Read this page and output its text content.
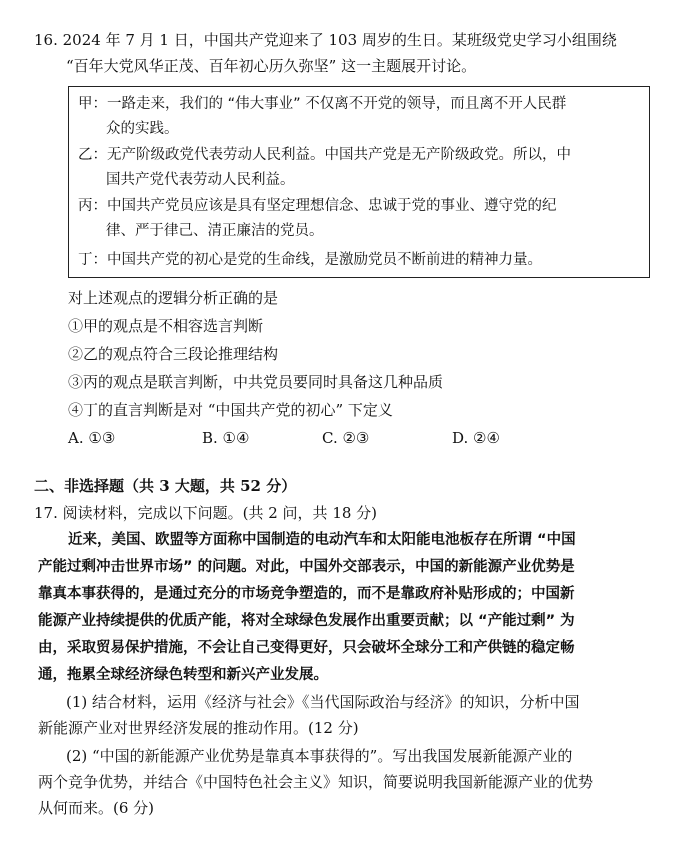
16. 2024 年 7 月 1 日，中国共产党迎来了 103 周岁的生日。某班级党史学习小组围绕
“百年大党风华正茂、百年初心历久弥坚” 这一主题展开讨论。
甲：一路走来，我们的 “伟大事业” 不仅离不开党的领导，而且离不开人民群
众的实践。
乙：无产阶级政党代表劳动人民利益。中国共产党是无产阶级政党。所以，中
国共产党代表劳动人民利益。
丙：中国共产党员应该是具有坚定理想信念、忠诚于党的事业、遵守党的纪
律、严于律己、清正廉洁的党员。
丁：中国共产党的初心是党的生命线，是激励党员不断前进的精神力量。
对上述观点的逻辑分析正确的是
①甲的观点是不相容选言判断
②乙的观点符合三段论推理结构
③丙的观点是联言判断，中共党员要同时具备这几种品质
④丁的直言判断是对 “中国共产党的初心” 下定义
A. ①③	B. ①④	C. ②③	D. ②④
二、非选择题（共 3 大题，共 52 分）
17. 阅读材料，完成以下问题。(共 2 问，共 18 分)
近来，美国、欧盟等方面称中国制造的电动汽车和太阳能电池板存在所谓 “中国
产能过剩冲击世界市场” 的问题。对此，中国外交部表示，中国的新能源产业优势是
靠真本事获得的，是通过充分的市场竞争塑造的，而不是靠政府补贴形成的；中国新
能源产业持续提供的优质产能，将对全球绿色发展作出重要贡献；以 “产能过剩” 为
由，采取贸易保护措施，不会让自己变得更好，只会破坏全球分工和产供链的稳定畅
通，拖累全球经济绿色转型和新兴产业发展。
(1) 结合材料，运用《经济与社会》《当代国际政治与经济》的知识，分析中国
新能源产业对世界经济发展的推动作用。(12 分)
(2) “中国的新能源产业优势是靠真本事获得的”。写出我国发展新能源产业的
两个竞争优势，并结合《中国特色社会主义》知识，简要说明我国新能源产业的优势
从何而来。(6 分)
